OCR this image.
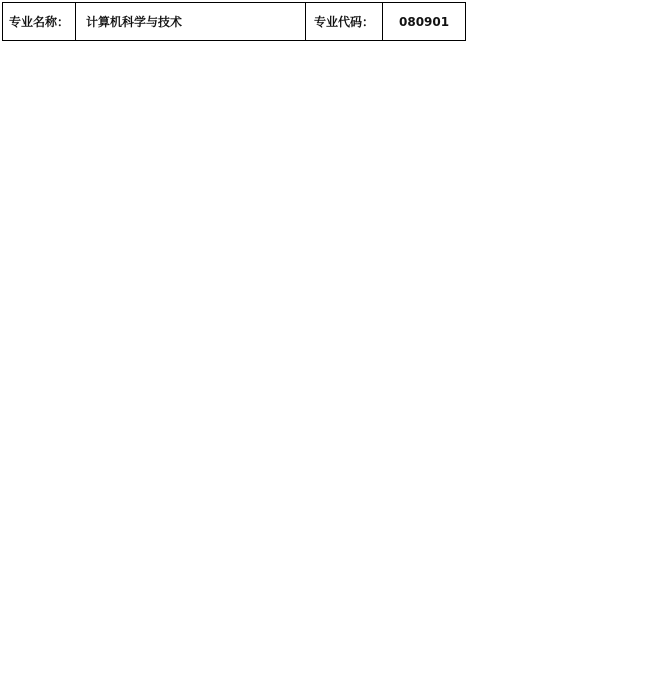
专业名称：	计算机科学与技术	专业代码：	080901	
